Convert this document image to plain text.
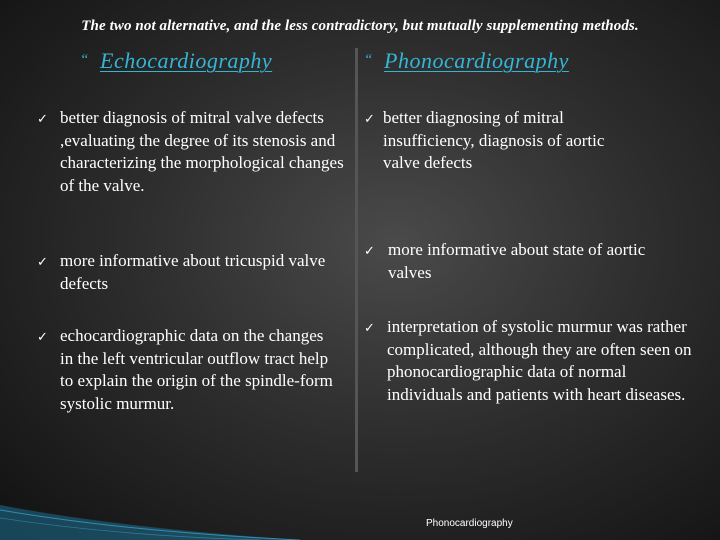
The two not alternative, and the less contradictory, but mutually supplementing methods.
“ Echocardiography	“ Phonocardiography
✓ better diagnosis of mitral valve defects ,evaluating the degree of its stenosis and characterizing the morphological changes of the valve.
✓ more informative about tricuspid valve defects
✓ echocardiographic data on the changes in the left ventricular outflow tract help to explain the origin of the spindle-form systolic murmur.
✓ better diagnosing of mitral insufficiency, diagnosis of aortic valve defects
✓ more informative about state of aortic valves
✓ interpretation of systolic murmur was rather complicated, although they are often seen on phonocardiographic data of normal individuals and patients with heart diseases.
Phonocardiography
